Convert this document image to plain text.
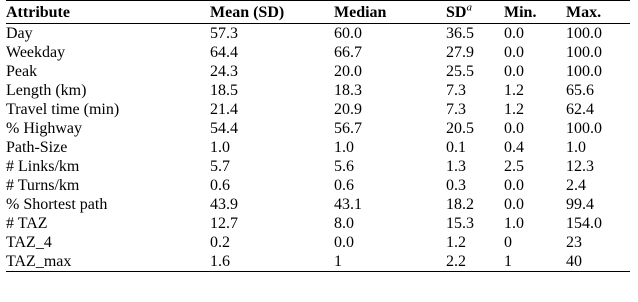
Attribute	Mean (SD)	Median	$SD^a$	Min.	Max.
Day	57.3	60.0	36.5	0.0	100.0
Weekday	64.4	66.7	27.9	0.0	100.0
Peak	24.3	20.0	25.5	0.0	100.0
Length (km)	18.5	18.3	7.3	1.2	65.6
Travel time (min)	21.4	20.9	7.3	1.2	62.4
% Highway	54.4	56.7	20.5	0.0	100.0
Path-Size	1.0	1.0	0.1	0.4	1.0
# Links/km	5.7	5.6	1.3	2.5	12.3
# Turns/km	0.6	0.6	0.3	0.0	2.4
% Shortest path	43.9	43.1	18.2	0.0	99.4
# TAZ	12.7	8.0	15.3	1.0	154.0
TAZ_4	0.2	0.0	1.2	0	23
TAZ_max	1.6	1	2.2	1	40
